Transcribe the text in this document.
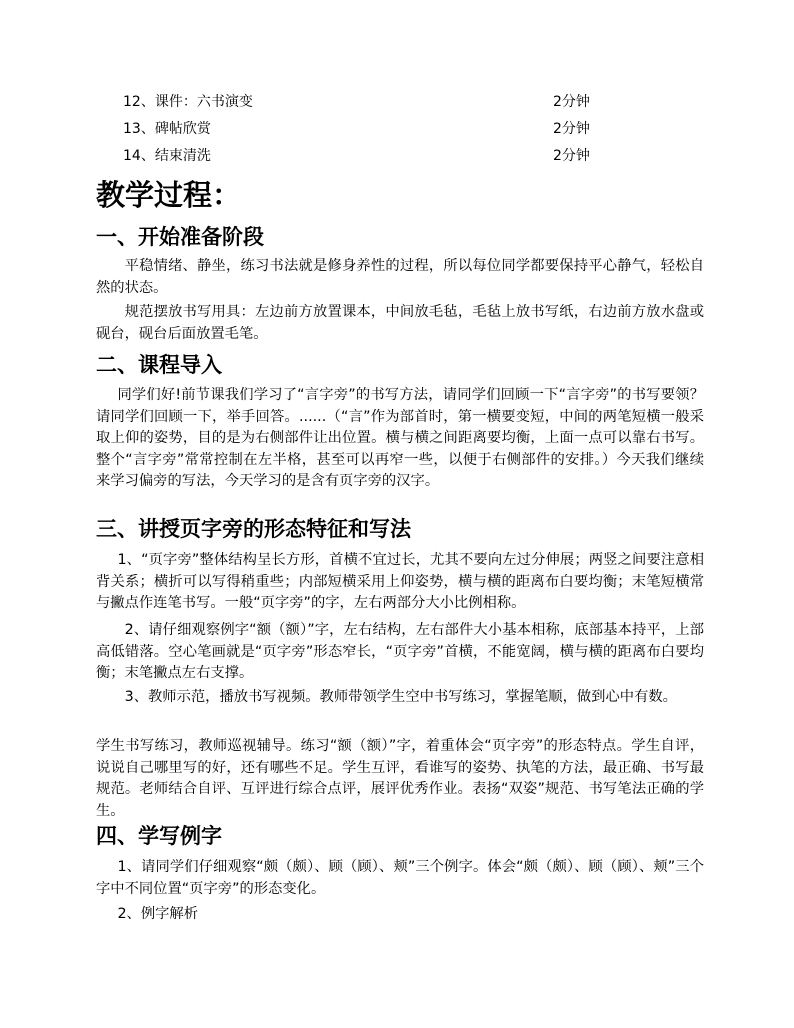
12、课件：六书演变	2分钟
13、碑帖欣赏	2分钟
14、结束清洗	2分钟
教学过程：
一、开始准备阶段
平稳情绪、静坐，练习书法就是修身养性的过程，所以每位同学都要保持平心静气，轻松自然的状态。
规范摆放书写用具：左边前方放置课本，中间放毛毡，毛毡上放书写纸，右边前方放水盘或砚台，砚台后面放置毛笔。
二、课程导入
同学们好!前节课我们学习了“言字旁”的书写方法，请同学们回顾一下“言字旁”的书写要领？请同学们回顾一下，举手回答。......（“言”作为部首时，第一横要变短，中间的两笔短横一般采取上仰的姿势，目的是为右侧部件让出位置。横与横之间距离要均衡，上面一点可以靠右书写。整个“言字旁”常常控制在左半格，甚至可以再窄一些，以便于右侧部件的安排。）今天我们继续来学习偏旁的写法，今天学习的是含有页字旁的汉字。
三、讲授页字旁的形态特征和写法
1、“页字旁”整体结构呈长方形，首横不宜过长，尤其不要向左过分伸展；两竖之间要注意相背关系；横折可以写得稍重些；内部短横采用上仰姿势，横与横的距离布白要均衡；末笔短横常与撇点作连笔书写。一般“页字旁”的字，左右两部分大小比例相称。
2、请仔细观察例字“额（额）”字，左右结构，左右部件大小基本相称，底部基本持平，上部高低错落。空心笔画就是“页字旁”形态窄长，“页字旁”首横，不能宽阔，横与横的距离布白要均衡；末笔撇点左右支撑。
3、教师示范，播放书写视频。教师带领学生空中书写练习，掌握笔顺，做到心中有数。
学生书写练习，教师巡视辅导。练习“额（额）”字，着重体会“页字旁”的形态特点。学生自评，说说自己哪里写的好，还有哪些不足。学生互评，看谁写的姿势、执笔的方法，最正确、书写最规范。老师结合自评、互评进行综合点评，展评优秀作业。表扬“双姿”规范、书写笔法正确的学生。
四、学写例字
1、请同学们仔细观察“颇（颇）、顾（顾）、颊”三个例字。体会“颇（颇）、顾（顾）、颊”三个字中不同位置“页字旁”的形态变化。
2、例字解析
